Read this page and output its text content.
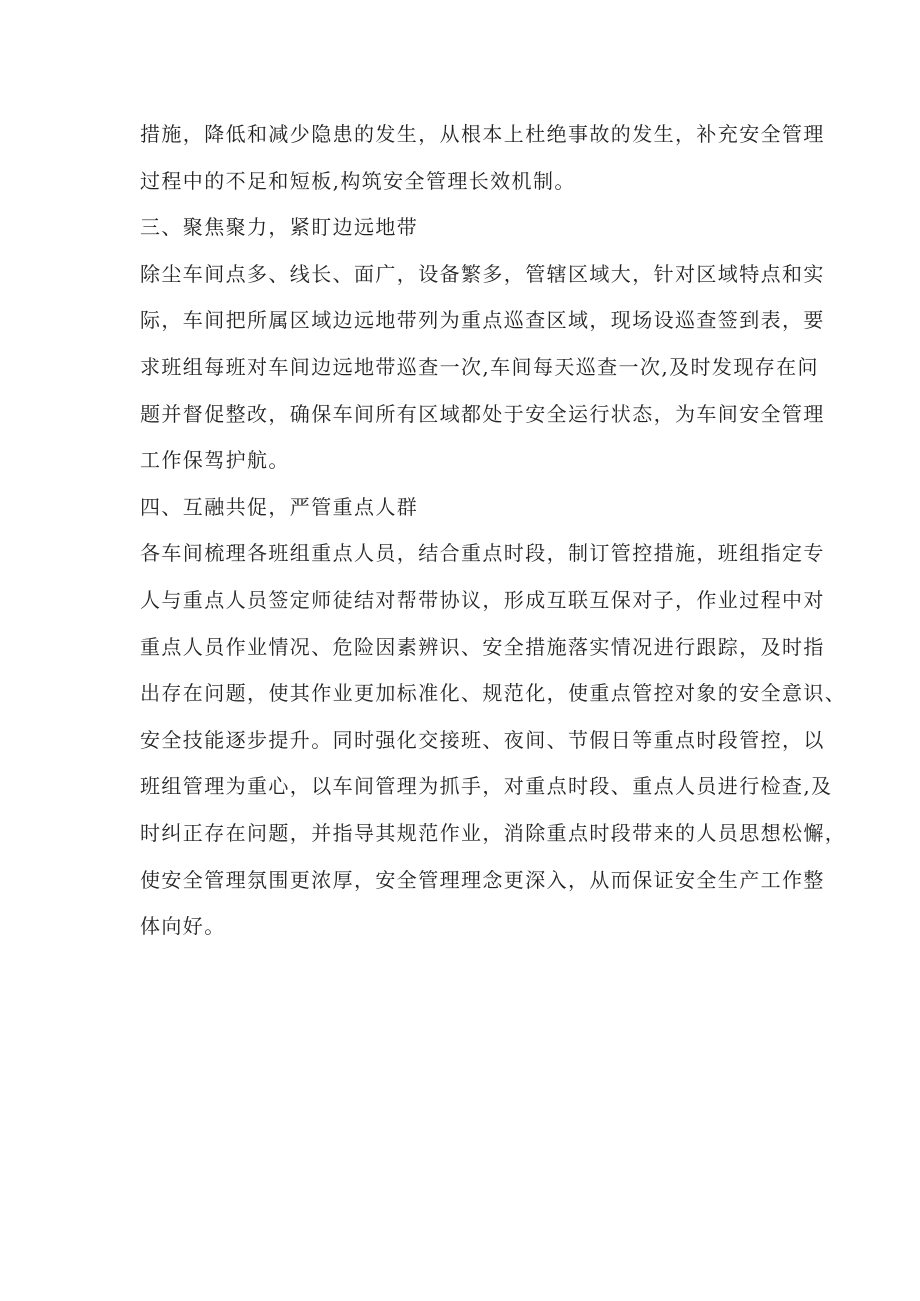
措施，降低和减少隐患的发生，从根本上杜绝事故的发生，补充安全管理
过程中的不足和短板,构筑安全管理长效机制。
三、聚焦聚力，紧盯边远地带
除尘车间点多、线长、面广，设备繁多，管辖区域大，针对区域特点和实
际，车间把所属区域边远地带列为重点巡查区域，现场设巡查签到表，要
求班组每班对车间边远地带巡查一次,车间每天巡查一次,及时发现存在问
题并督促整改，确保车间所有区域都处于安全运行状态，为车间安全管理
工作保驾护航。
四、互融共促，严管重点人群
各车间梳理各班组重点人员，结合重点时段，制订管控措施，班组指定专
人与重点人员签定师徒结对帮带协议，形成互联互保对子，作业过程中对
重点人员作业情况、危险因素辨识、安全措施落实情况进行跟踪，及时指
出存在问题，使其作业更加标准化、规范化，使重点管控对象的安全意识、
安全技能逐步提升。同时强化交接班、夜间、节假日等重点时段管控，以
班组管理为重心，以车间管理为抓手，对重点时段、重点人员进行检查,及
时纠正存在问题，并指导其规范作业，消除重点时段带来的人员思想松懈，
使安全管理氛围更浓厚，安全管理理念更深入，从而保证安全生产工作整
体向好。
